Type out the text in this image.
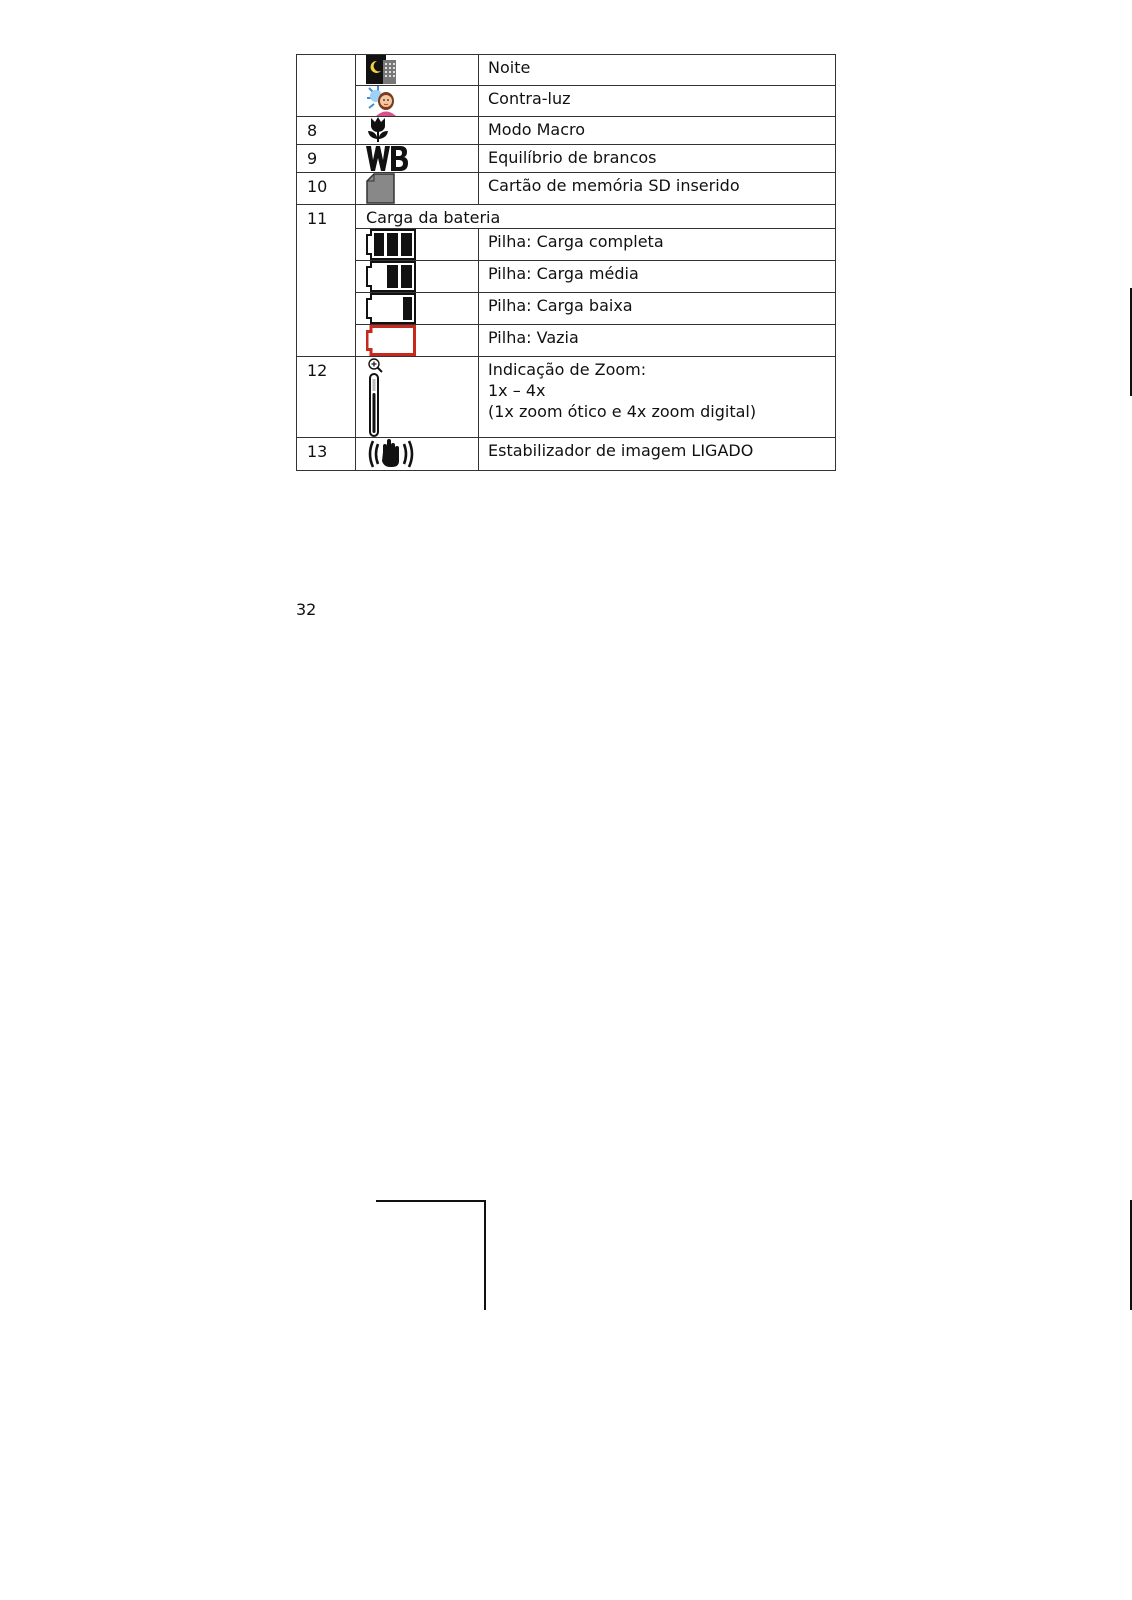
	Noite

	Contra-luz
8		Modo Macro
9		Equilíbrio de brancos
10		Cartão de memória SD inserido
11	Carga da bateria	

	Pilha: Carga completa

	Pilha: Carga média

	Pilha: Carga baixa

	Pilha: Vazia
12		Indicação de Zoom:
1x – 4x
(1x zoom ótico e 4x zoom digital)

13		Estabilizador de imagem LIGADO
32
